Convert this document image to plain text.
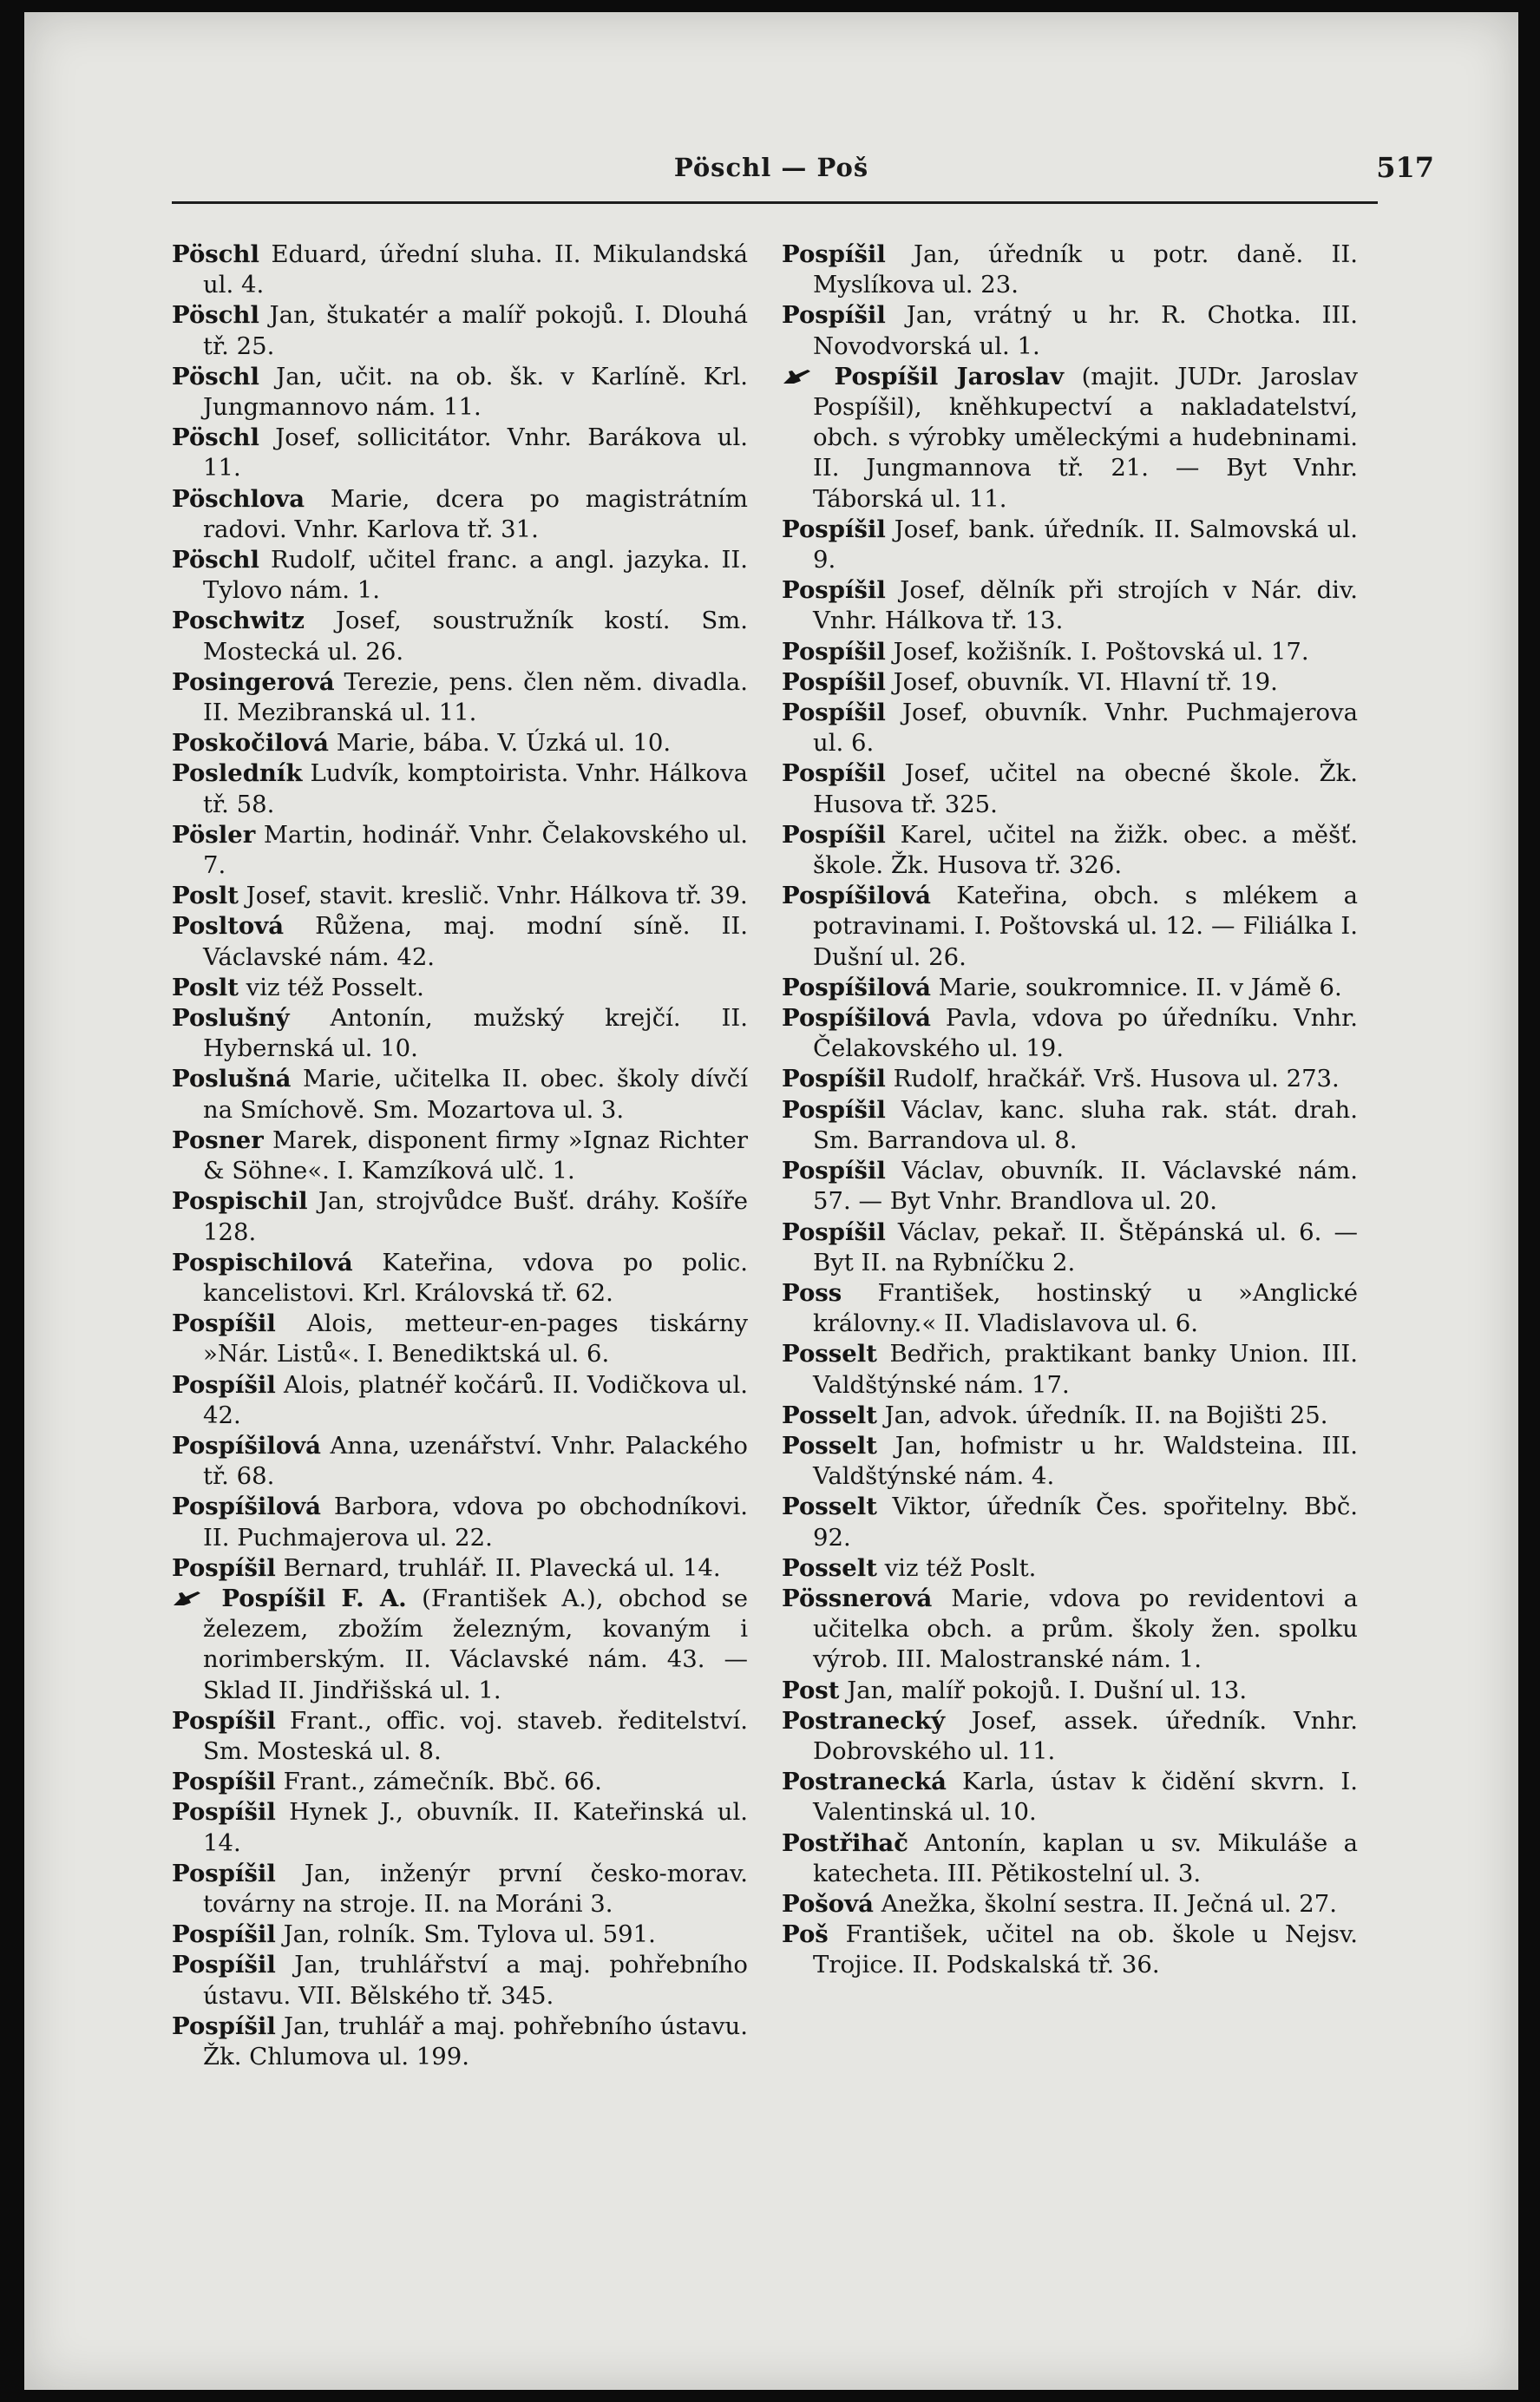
Pöschl — Poš	517

Pöschl Eduard, úřední sluha. II. Mikulandská ul. 4.

Pöschl Jan, štukatér a malíř pokojů. I. Dlouhá tř. 25.

Pöschl Jan, učit. na ob. šk. v Karlíně. Krl. Jungmannovo nám. 11.

Pöschl Josef, sollicitátor. Vnhr. Barákova ul. 11.

Pöschlova Marie, dcera po magistrátním radovi. Vnhr. Karlova tř. 31.

Pöschl Rudolf, učitel franc. a angl. jazyka. II. Tylovo nám. 1.

Poschwitz Josef, soustružník kostí. Sm. Mostecká ul. 26.

Posingerová Terezie, pens. člen něm. divadla. II. Mezibranská ul. 11.

Poskočilová Marie, bába. V. Úzká ul. 10.

Posledník Ludvík, komptoirista. Vnhr. Hálkova tř. 58.

Pösler Martin, hodinář. Vnhr. Čelakovského ul. 7.

Poslt Josef, stavit. kreslič. Vnhr. Hálkova tř. 39.

Posltová Růžena, maj. modní síně. II. Václavské nám. 42.

Poslt viz též Posselt.

Poslušný Antonín, mužský krejčí. II. Hybernská ul. 10.

Poslušná Marie, učitelka II. obec. školy dívčí na Smíchově. Sm. Mozartova ul. 3.

Posner Marek, disponent firmy »Ignaz Richter & Söhne«. I. Kamzíková ulč. 1.

Pospischil Jan, strojvůdce Bušť. dráhy. Košíře 128.

Pospischilová Kateřina, vdova po polic. kancelistovi. Krl. Královská tř. 62.

Pospíšil Alois, metteur-en-pages tiskárny »Nár. Listů«. I. Benediktská ul. 6.

Pospíšil Alois, platnéř kočárů. II. Vodičkova ul. 42.

Pospíšilová Anna, uzenářství. Vnhr. Palackého tř. 68.

Pospíšilová Barbora, vdova po obchodníkovi. II. Puchmajerova ul. 22.

Pospíšil Bernard, truhlář. II. Plavecká ul. 14.

Pospíšil F. A. (František A.), obchod se železem, zbožím železným, kovaným i norimberským. II. Václavské nám. 43. — Sklad II. Jindřišská ul. 1.

Pospíšil Frant., offic. voj. staveb. ředitelství. Sm. Mosteská ul. 8.

Pospíšil Frant., zámečník. Bbč. 66.

Pospíšil Hynek J., obuvník. II. Kateřinská ul. 14.

Pospíšil Jan, inženýr první česko-morav. továrny na stroje. II. na Moráni 3.

Pospíšil Jan, rolník. Sm. Tylova ul. 591.

Pospíšil Jan, truhlářství a maj. pohřebního ústavu. VII. Bělského tř. 345.

Pospíšil Jan, truhlář a maj. pohřebního ústavu. Žk. Chlumova ul. 199.

Pospíšil Jan, úředník u potr. daně. II. Myslíkova ul. 23.

Pospíšil Jan, vrátný u hr. R. Chotka. III. Novodvorská ul. 1.

Pospíšil Jaroslav (majit. JUDr. Jaroslav Pospíšil), kněhkupectví a nakladatelství, obch. s výrobky uměleckými a hudebninami. II. Jungmannova tř. 21. — Byt Vnhr. Táborská ul. 11.

Pospíšil Josef, bank. úředník. II. Salmovská ul. 9.

Pospíšil Josef, dělník při strojích v Nár. div. Vnhr. Hálkova tř. 13.

Pospíšil Josef, kožišník. I. Poštovská ul. 17.

Pospíšil Josef, obuvník. VI. Hlavní tř. 19.

Pospíšil Josef, obuvník. Vnhr. Puchmajerova ul. 6.

Pospíšil Josef, učitel na obecné škole. Žk. Husova tř. 325.

Pospíšil Karel, učitel na žižk. obec. a měšť. škole. Žk. Husova tř. 326.

Pospíšilová Kateřina, obch. s mlékem a potravinami. I. Poštovská ul. 12. — Filiálka I. Dušní ul. 26.

Pospíšilová Marie, soukromnice. II. v Jámě 6.

Pospíšilová Pavla, vdova po úředníku. Vnhr. Čelakovského ul. 19.

Pospíšil Rudolf, hračkář. Vrš. Husova ul. 273.

Pospíšil Václav, kanc. sluha rak. stát. drah. Sm. Barrandova ul. 8.

Pospíšil Václav, obuvník. II. Václavské nám. 57. — Byt Vnhr. Brandlova ul. 20.

Pospíšil Václav, pekař. II. Štěpánská ul. 6. — Byt II. na Rybníčku 2.

Poss František, hostinský u »Anglické královny.« II. Vladislavova ul. 6.

Posselt Bedřich, praktikant banky Union. III. Valdštýnské nám. 17.

Posselt Jan, advok. úředník. II. na Bojišti 25.

Posselt Jan, hofmistr u hr. Waldsteina. III. Valdštýnské nám. 4.

Posselt Viktor, úředník Čes. spořitelny. Bbč. 92.

Posselt viz též Poslt.

Pössnerová Marie, vdova po revidentovi a učitelka obch. a prům. školy žen. spolku výrob. III. Malostranské nám. 1.

Post Jan, malíř pokojů. I. Dušní ul. 13.

Postranecký Josef, assek. úředník. Vnhr. Dobrovského ul. 11.

Postranecká Karla, ústav k čidění skvrn. I. Valentinská ul. 10.

Postřihač Antonín, kaplan u sv. Mikuláše a katecheta. III. Pětikostelní ul. 3.

Pošová Anežka, školní sestra. II. Ječná ul. 27.

Poš František, učitel na ob. škole u Nejsv. Trojice. II. Podskalská tř. 36.
